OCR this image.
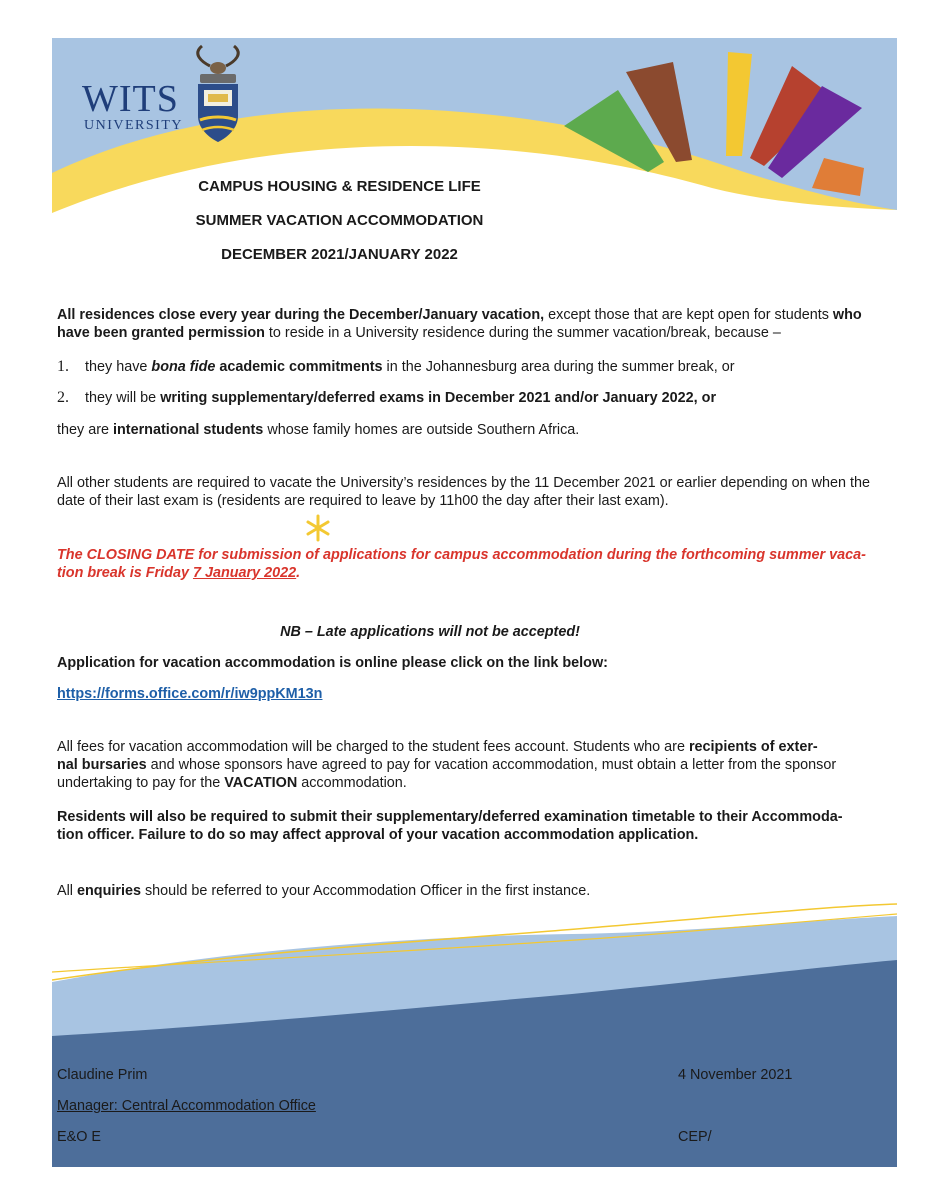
WITS
UNIVERSITY
CAMPUS HOUSING & RESIDENCE LIFE
SUMMER VACATION ACCOMMODATION
DECEMBER 2021/JANUARY 2022
All residences close every year during the December/January vacation, except those that are kept open for students who have been granted permission to reside in a University residence during the summer vacation/break, because –
1. they have bona fide academic commitments in the Johannesburg area during the summer break, or
2. they will be writing supplementary/deferred exams in December 2021 and/or January 2022, or
they are international students whose family homes are outside Southern Africa.
All other students are required to vacate the University’s residences by the 11 December 2021 or earlier depending on when the date of their last exam is (residents are required to leave by 11h00 the day after their last exam).
The CLOSING DATE for submission of applications for campus accommodation during the forthcoming summer vaca-
tion break is Friday 7 January 2022.
NB – Late applications will not be accepted!
Application for vacation accommodation is online please click on the link below:
https://forms.office.com/r/iw9ppKM13n
All fees for vacation accommodation will be charged to the student fees account. Students who are recipients of exter-
nal bursaries and whose sponsors have agreed to pay for vacation accommodation, must obtain a letter from the sponsor undertaking to pay for the VACATION accommodation.
Residents will also be required to submit their supplementary/deferred examination timetable to their Accommoda-
tion officer. Failure to do so may affect approval of your vacation accommodation application.
All enquiries should be referred to your Accommodation Officer in the first instance.
Claudine Prim
Manager: Central Accommodation Office
E&O E
4 November 2021
CEP/
